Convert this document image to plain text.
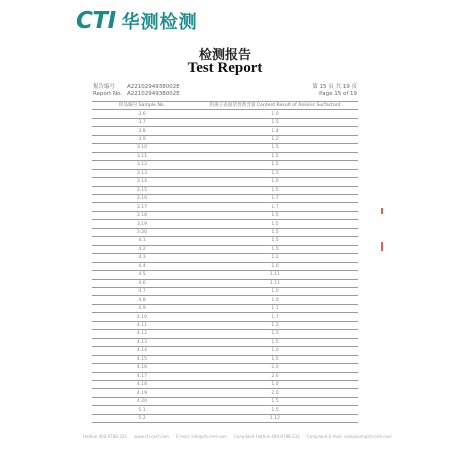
CTI 华测检测
检测报告
Test Report
报告编号 A2210294938002E
Report No. A2210294938002E
第 15 页 共 19 页
Page 15 of 19
样品编号 Sample No.	阴离子表面活性剂含量 Content Result of Anionic Surfactant
3.6	1.0
3.7	1.5
3.8	1.4
3.9	1.2
3.10	1.5
3.11	1.5
3.12	1.5
3.13	1.5
3.14	1.0
3.15	1.5
3.16	1.7
3.17	1.7
3.18	1.5
3.19	1.5
3.20	1.5
4.1	1.5
4.2	1.5
4.3	1.2
4.4	1.0
4.5	1.11
4.6	1.11
4.7	1.0
4.8	1.0
4.9	1.1
4.10	1.7
4.11	1.2
4.12	1.5
4.13	1.5
4.14	1.0
4.15	1.5
4.16	2.0
4.17	2.0
4.18	1.0
4.19	2.0
4.20	1.5
5.1	1.5
5.2	1.12
Hotline 400-6788-333 www.cti-cert.com E-mail: info@cti-cert.com Complaint Hotline 400-6788-333 Complaint E-mail: complaint@cti-cert.com
